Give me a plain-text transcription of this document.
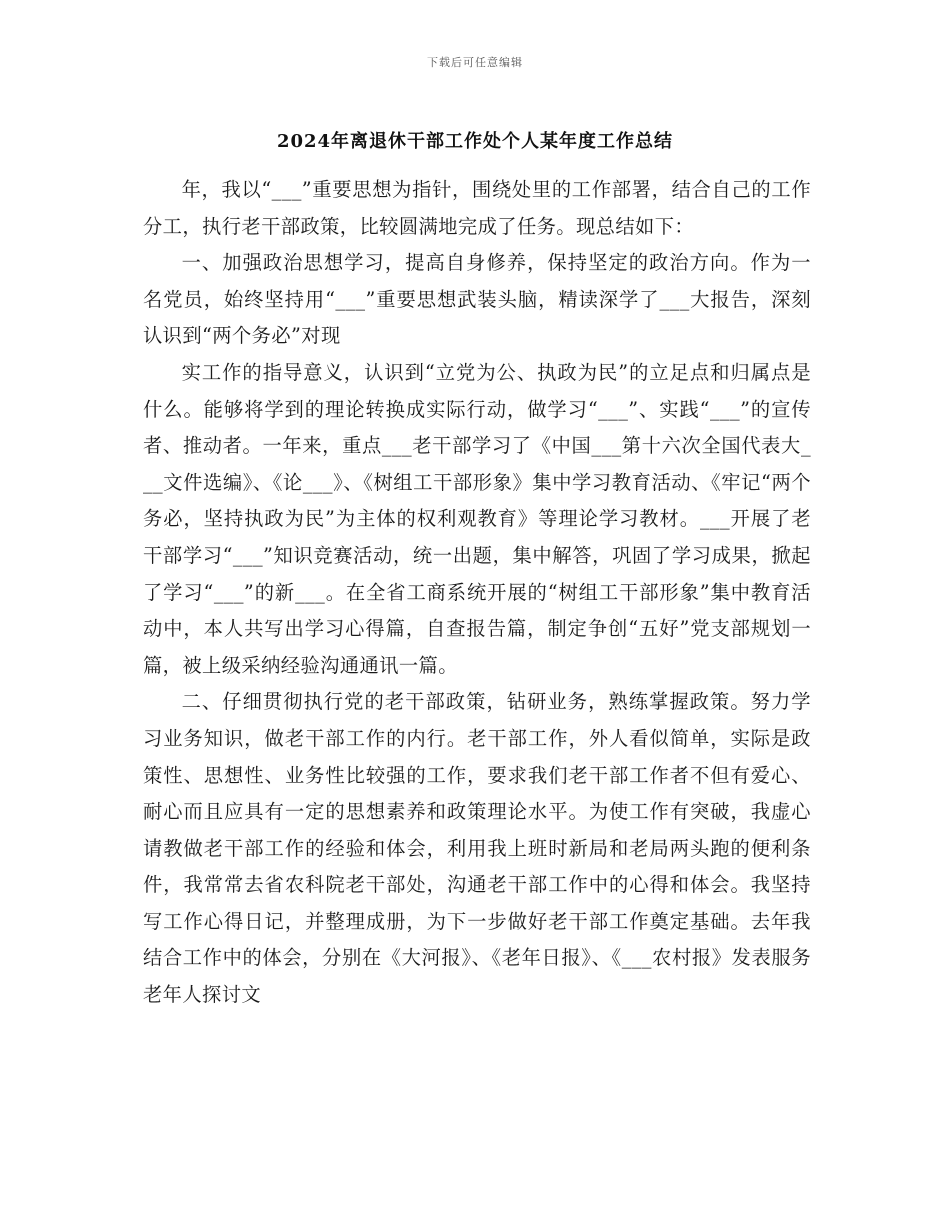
下载后可任意编辑
2024年离退休干部工作处个人某年度工作总结

年，我以“___”重要思想为指针，围绕处里的工作部署，结合自己的工作分工，执行老干部政策，比较圆满地完成了任务。现总结如下：

一、加强政治思想学习，提高自身修养，保持坚定的政治方向。作为一名党员，始终坚持用“___”重要思想武装头脑，精读深学了___大报告，深刻认识到“两个务必”对现

实工作的指导意义，认识到“立党为公、执政为民”的立足点和归属点是什么。能够将学到的理论转换成实际行动，做学习“___”、实践“___”的宣传者、推动者。一年来，重点___老干部学习了《中国___第十六次全国代表大___文件选编》、《论___》、《树组工干部形象》集中学习教育活动、《牢记“两个务必，坚持执政为民”为主体的权利观教育》等理论学习教材。___开展了老干部学习“___”知识竞赛活动，统一出题，集中解答，巩固了学习成果，掀起了学习“___”的新___。在全省工商系统开展的“树组工干部形象”集中教育活动中，本人共写出学习心得篇，自查报告篇，制定争创“五好”党支部规划一篇，被上级采纳经验沟通通讯一篇。

二、仔细贯彻执行党的老干部政策，钻研业务，熟练掌握政策。努力学习业务知识，做老干部工作的内行。老干部工作，外人看似简单，实际是政策性、思想性、业务性比较强的工作，要求我们老干部工作者不但有爱心、耐心而且应具有一定的思想素养和政策理论水平。为使工作有突破，我虚心请教做老干部工作的经验和体会，利用我上班时新局和老局两头跑的便利条件，我常常去省农科院老干部处，沟通老干部工作中的心得和体会。我坚持写工作心得日记，并整理成册，为下一步做好老干部工作奠定基础。去年我结合工作中的体会，分别在《大河报》、《老年日报》、《___农村报》发表服务老年人探讨文
